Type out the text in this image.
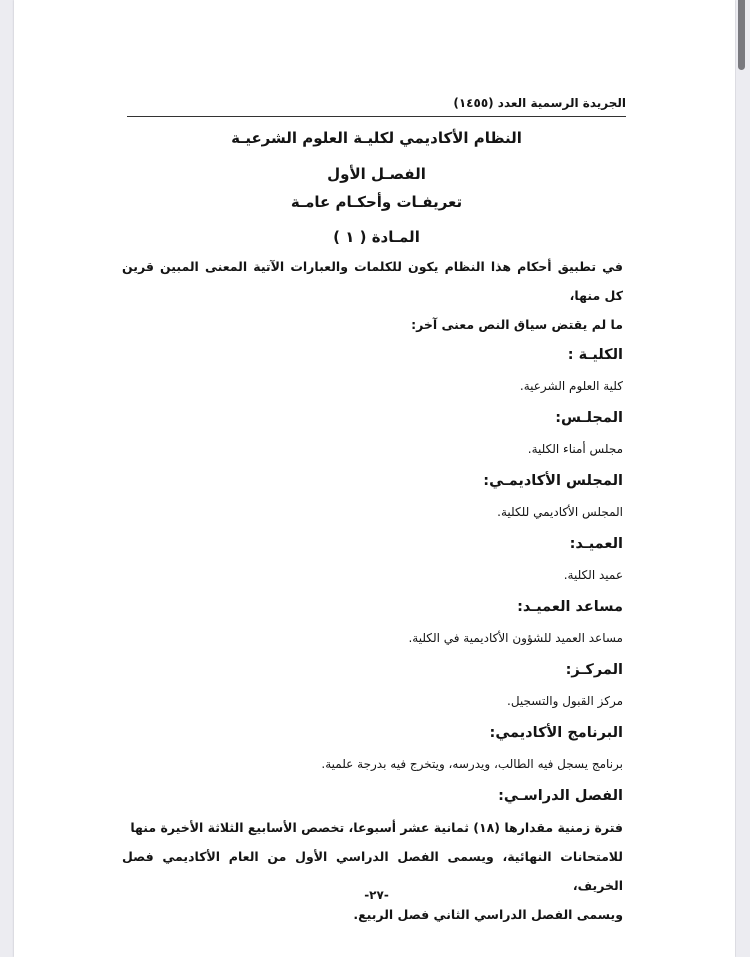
الجريدة الرسمية العدد (١٤٥٥)
النظام الأكاديمي لكليـة العلوم الشرعيـة
الفصـل الأول
تعريفـات وأحكـام عامـة
المـادة ( ١ )

في تطبيق أحكام هذا النظام يكون للكلمات والعبارات الآتية المعنى المبين قرين كل منها،

ما لم يقتض سياق النص معنى آخر:

الكليـة :

كلية العلوم الشرعية.

المجلـس:

مجلس أمناء الكلية.

المجلس الأكاديمـي:

المجلس الأكاديمي للكلية.

العميـد:

عميد الكلية.

مساعد العميـد:

مساعد العميد للشؤون الأكاديمية في الكلية.

المركـز:

مركز القبول والتسجيل.

البرنامج الأكاديمي:

برنامج يسجل فيه الطالب، ويدرسه، ويتخرج فيه بدرجة علمية.

الفصل الدراسـي:

فترة زمنية مقدارها (١٨) ثمانية عشر أسبوعا، تخصص الأسابيع الثلاثة الأخيرة منها

للامتحانات النهائية، ويسمى الفصل الدراسي الأول من العام الأكاديمي فصل الخريف،

ويسمى الفصل الدراسي الثاني فصل الربيع.

-٢٧-
